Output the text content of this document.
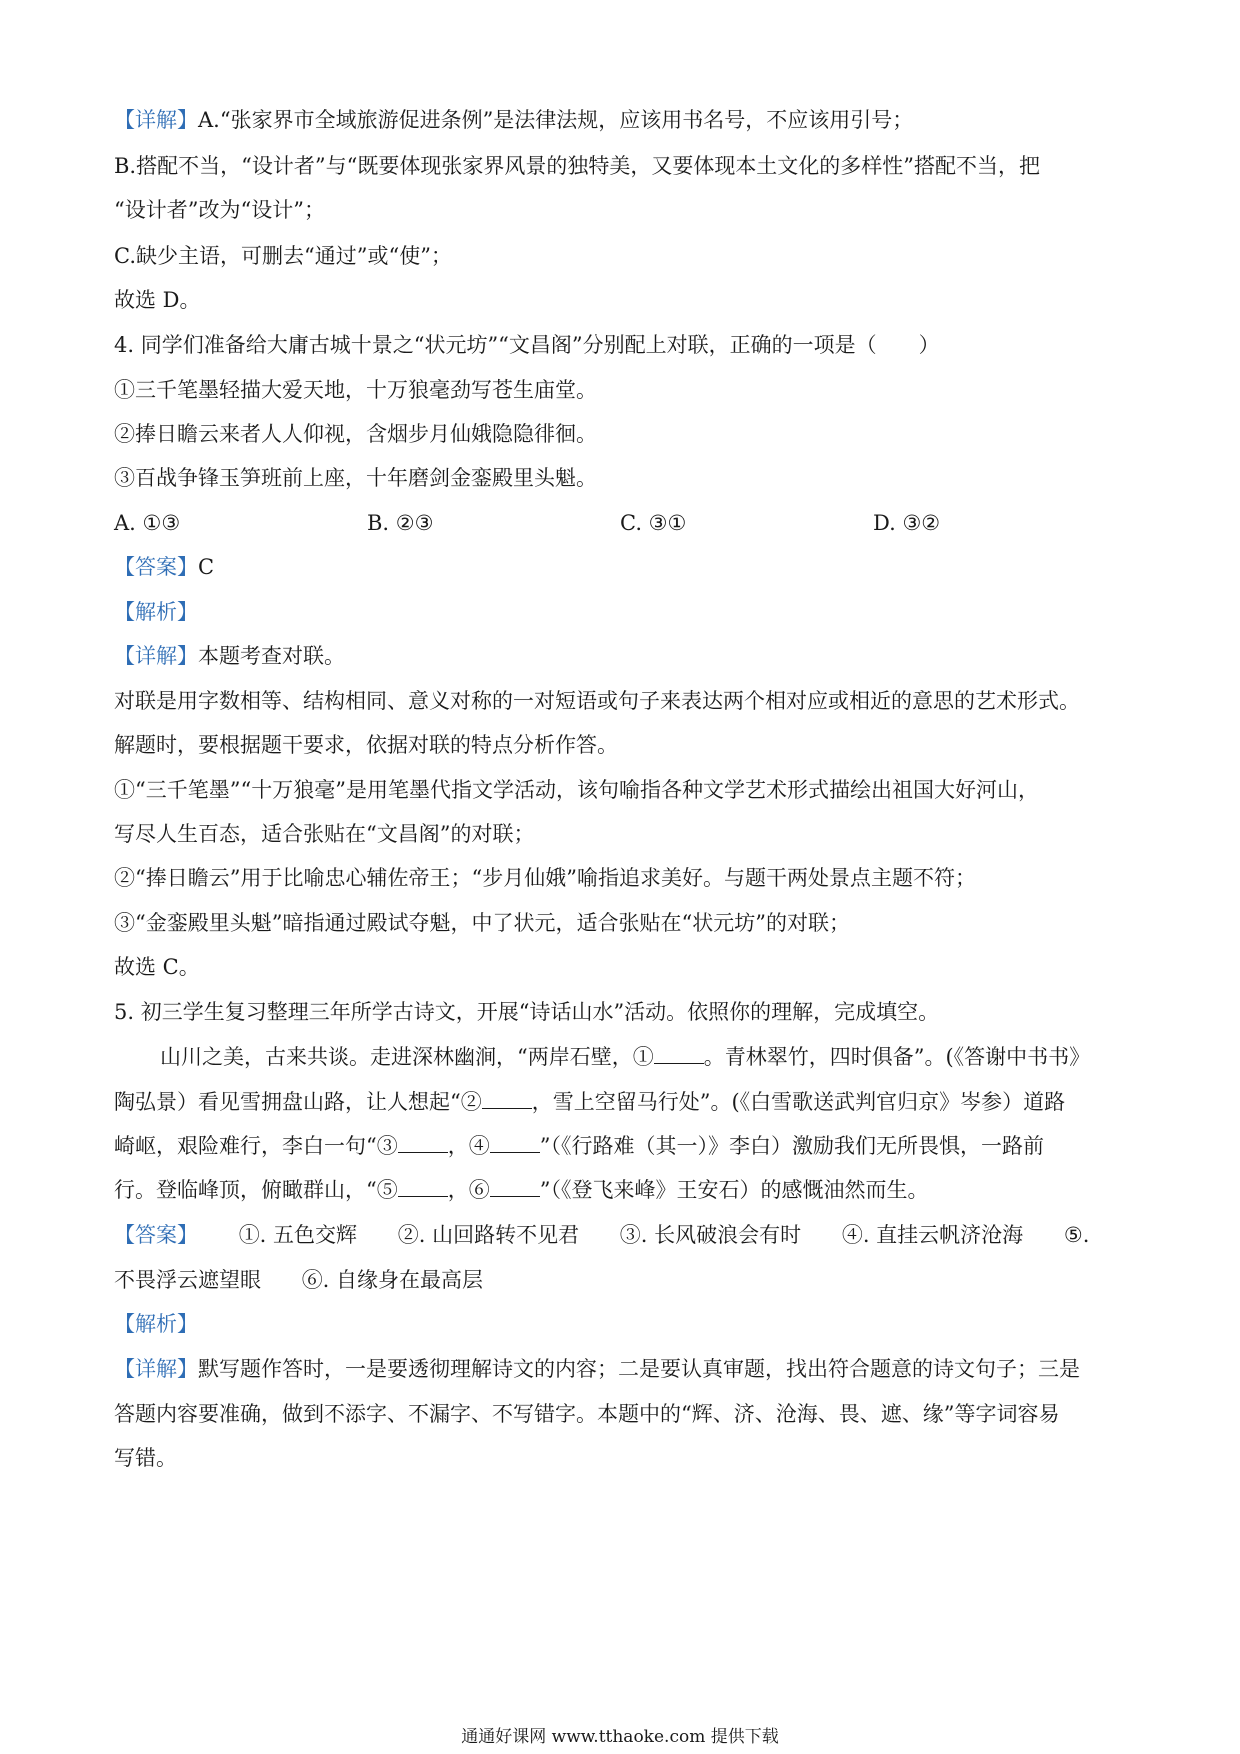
【详解】A.“张家界市全域旅游促进条例”是法律法规，应该用书名号，不应该用引号；
B.搭配不当，“设计者”与“既要体现张家界风景的独特美，又要体现本土文化的多样性”搭配不当，把
“设计者”改为“设计”；
C.缺少主语，可删去“通过”或“使”；
故选 D。
4. 同学们准备给大庸古城十景之“状元坊”“文昌阁”分别配上对联，正确的一项是（　　）
①三千笔墨轻描大爱天地，十万狼毫劲写苍生庙堂。
②捧日瞻云来者人人仰视，含烟步月仙娥隐隐徘徊。
③百战争锋玉笋班前上座，十年磨剑金銮殿里头魁。
A. ①③	B. ②③	C. ③①	D. ③②
【答案】C
【解析】
【详解】本题考查对联。
对联是用字数相等、结构相同、意义对称的一对短语或句子来表达两个相对应或相近的意思的艺术形式。
解题时，要根据题干要求，依据对联的特点分析作答。
①“三千笔墨”“十万狼毫”是用笔墨代指文学活动，该句喻指各种文学艺术形式描绘出祖国大好河山，
写尽人生百态，适合张贴在“文昌阁”的对联；
②“捧日瞻云”用于比喻忠心辅佐帝王；“步月仙娥”喻指追求美好。与题干两处景点主题不符；
③“金銮殿里头魁”暗指通过殿试夺魁，中了状元，适合张贴在“状元坊”的对联；
故选 C。
5. 初三学生复习整理三年所学古诗文，开展“诗话山水”活动。依照你的理解，完成填空。
山川之美，古来共谈。走进深林幽涧，“两岸石壁，① 。青林翠竹，四时俱备”。(《答谢中书书》
陶弘景）看见雪拥盘山路，让人想起“② ，雪上空留马行处”。(《白雪歌送武判官归京》岑参）道路
崎岖，艰险难行，李白一句“③ ，④ ”（《行路难（其一）》李白）激励我们无所畏惧，一路前
行。登临峰顶，俯瞰群山，“⑤ ，⑥ ”（《登飞来峰》王安石）的感慨油然而生。
【答案】 ①. 五色交辉 ②. 山回路转不见君 ③. 长风破浪会有时 ④. 直挂云帆济沧海 ⑤.
不畏浮云遮望眼 ⑥. 自缘身在最高层
【解析】
【详解】默写题作答时，一是要透彻理解诗文的内容；二是要认真审题，找出符合题意的诗文句子；三是
答题内容要准确，做到不添字、不漏字、不写错字。本题中的“辉、济、沧海、畏、遮、缘”等字词容易
写错。
通通好课网 www.tthaoke.com 提供下载
